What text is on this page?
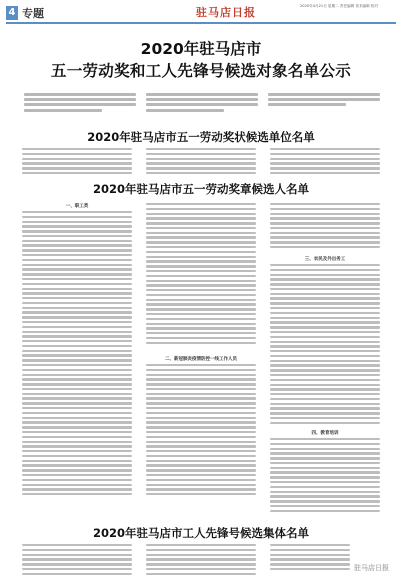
4 专题	驻马店日报	2020年4月21日 星期二 责任编辑 美术编辑 校对
2020年驻马店市
五一劳动奖和工人先锋号候选对象名单公示
2020年驻马店市五一劳动奖状候选单位名单
2020年驻马店市五一劳动奖章候选人名单
一、职工类
二、新冠肺炎疫情防控一线工作人员
三、农民及外出务工
四、教育培训
2020年驻马店市工人先锋号候选集体名单
驻马店日报
